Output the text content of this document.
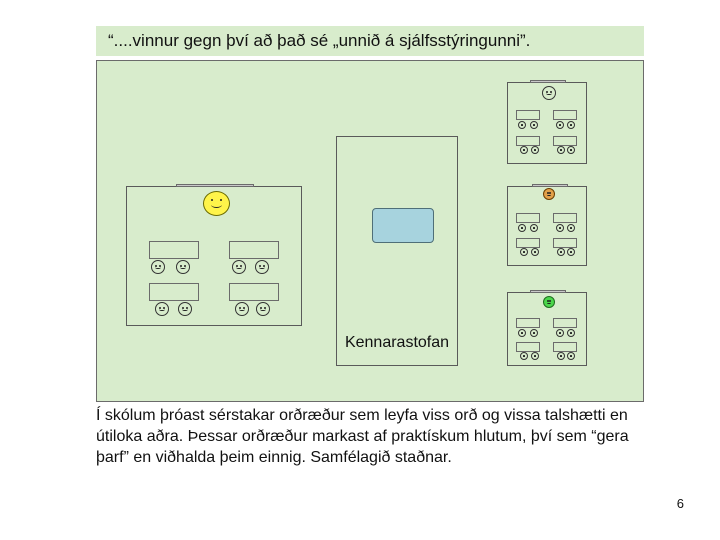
“....vinnur gegn því að það sé „unnið á sjálfsstýringunni”.
Kennarastofan
Í skólum þróast sérstakar orðræður sem leyfa viss orð og vissa talshætti en útiloka aðra. Þessar orðræður markast af praktískum hlutum, því sem “gera þarf” en viðhalda þeim einnig. Samfélagið staðnar.
6
